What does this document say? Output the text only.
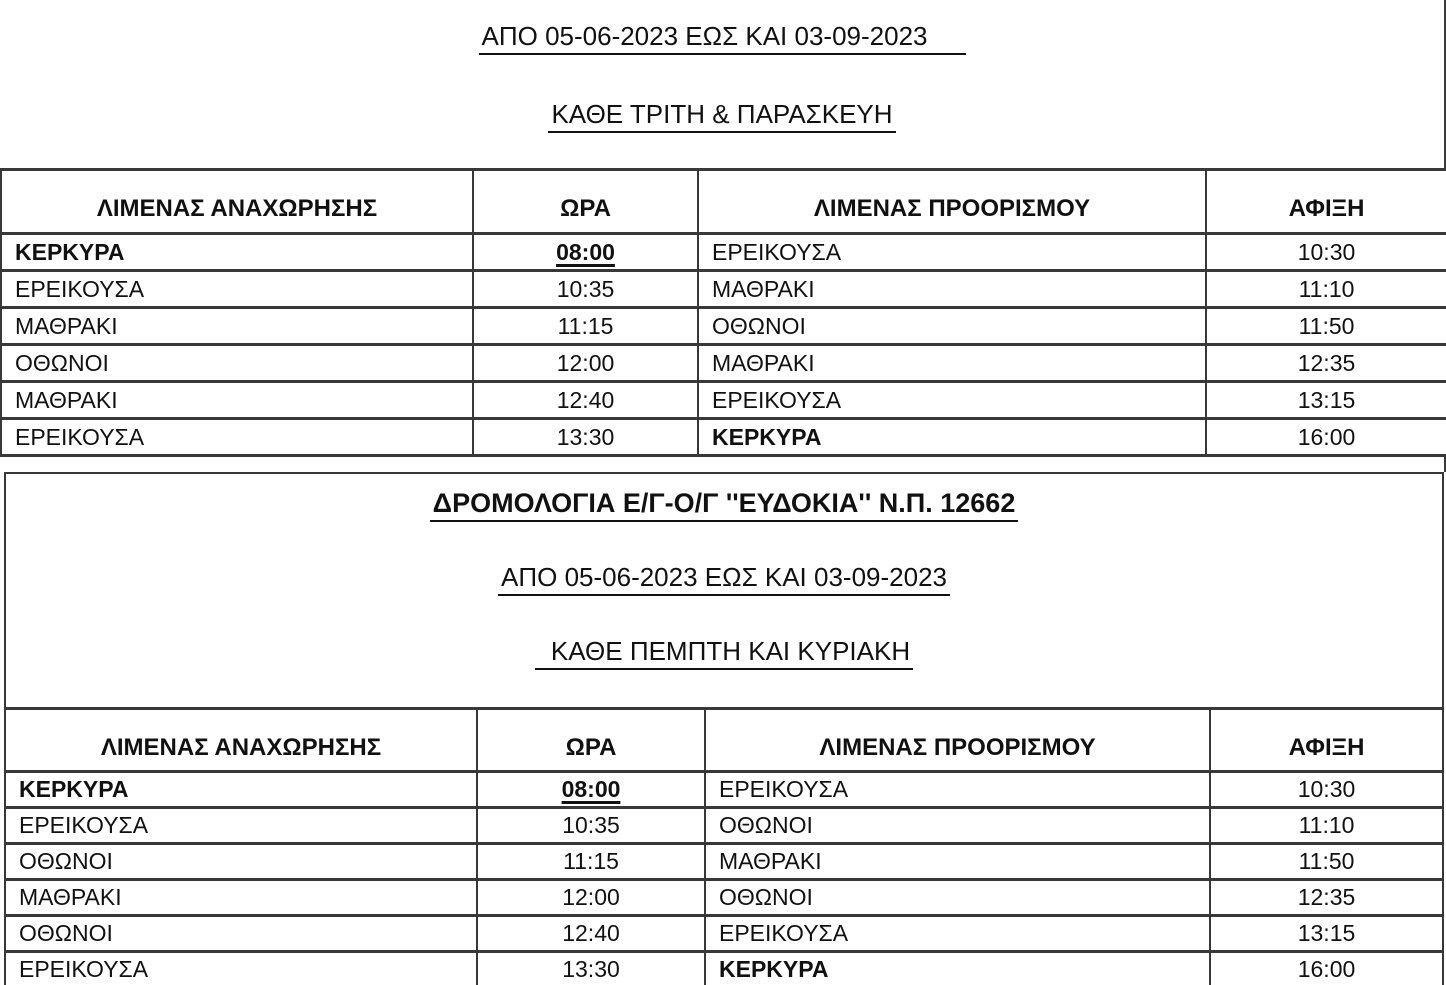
ΑΠΟ 05-06-2023 ΕΩΣ ΚΑΙ 03-09-2023
ΚΑΘΕ ΤΡΙΤΗ & ΠΑΡΑΣΚΕΥΗ
ΛΙΜΕΝΑΣ ΑΝΑΧΩΡΗΣΗΣ	ΩΡΑ	ΛΙΜΕΝΑΣ ΠΡΟΟΡΙΣΜΟΥ	ΑΦΙΞΗ
ΚΕΡΚΥΡΑ	08:00	ΕΡΕΙΚΟΥΣΑ	10:30
ΕΡΕΙΚΟΥΣΑ	10:35	ΜΑΘΡΑΚΙ	11:10
ΜΑΘΡΑΚΙ	11:15	ΟΘΩΝΟΙ	11:50
ΟΘΩΝΟΙ	12:00	ΜΑΘΡΑΚΙ	12:35
ΜΑΘΡΑΚΙ	12:40	ΕΡΕΙΚΟΥΣΑ	13:15
ΕΡΕΙΚΟΥΣΑ	13:30	ΚΕΡΚΥΡΑ	16:00
ΔΡΟΜΟΛΟΓΙΑ Ε/Γ-Ο/Γ ''ΕΥΔΟΚΙΑ'' Ν.Π. 12662
ΑΠΟ 05-06-2023 ΕΩΣ ΚΑΙ 03-09-2023
ΚΑΘΕ ΠΕΜΠΤΗ ΚΑΙ ΚΥΡΙΑΚΗ
ΛΙΜΕΝΑΣ ΑΝΑΧΩΡΗΣΗΣ	ΩΡΑ	ΛΙΜΕΝΑΣ ΠΡΟΟΡΙΣΜΟΥ	ΑΦΙΞΗ
ΚΕΡΚΥΡΑ	08:00	ΕΡΕΙΚΟΥΣΑ	10:30
ΕΡΕΙΚΟΥΣΑ	10:35	ΟΘΩΝΟΙ	11:10
ΟΘΩΝΟΙ	11:15	ΜΑΘΡΑΚΙ	11:50
ΜΑΘΡΑΚΙ	12:00	ΟΘΩΝΟΙ	12:35
ΟΘΩΝΟΙ	12:40	ΕΡΕΙΚΟΥΣΑ	13:15
ΕΡΕΙΚΟΥΣΑ	13:30	ΚΕΡΚΥΡΑ	16:00
